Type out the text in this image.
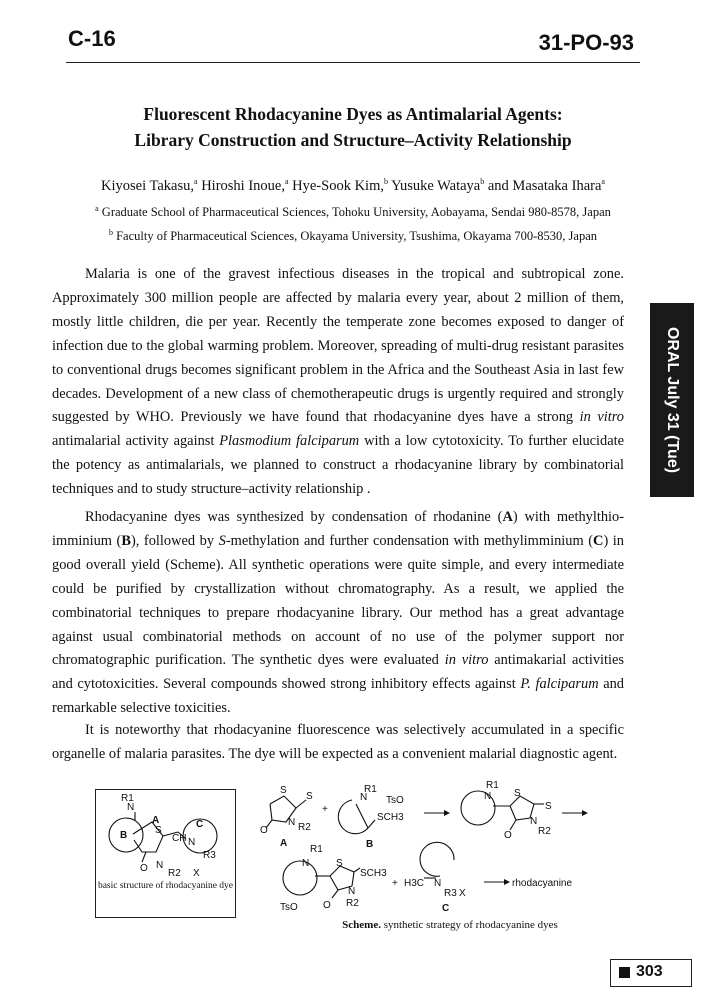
C-16	31-PO-93
Fluorescent Rhodacyanine Dyes as Antimalarial Agents:
Library Construction and Structure–Activity Relationship
Kiyosei Takasu,$^a$ Hiroshi Inoue,$^a$ Hye-Sook Kim,$^b$ Yusuke Wataya$^b$ and Masataka Ihara$^a$
$^a$ Graduate School of Pharmaceutical Sciences, Tohoku University, Aobayama, Sendai 980-8578, Japan
$^b$ Faculty of Pharmaceutical Sciences, Okayama University, Tsushima, Okayama 700-8530, Japan

Malaria is one of the gravest infectious diseases in the tropical and subtropical zone. Approximately 300 million people are affected by malaria every year, about 2 million of them, mostly little children, die per year. Recently the temperate zone becomes exposed to danger of infection due to the global warming problem. Moreover, spreading of multi-drug resistant parasites to conventional drugs becomes significant problem in the Africa and the Southeast Asia in last few decades. Development of a new class of chemotherapeutic drugs is urgently required and strongly suggested by WHO. Previously we have found that rhodacyanine dyes have a strong in vitro antimalarial activity against Plasmodium falciparum with a low cytotoxicity. To further elucidate the potency as antimalarials, we planned to construct a rhodacyanine library by combinatorial techniques and to study structure–activity relationship .

Rhodacyanine dyes was synthesized by condensation of rhodanine (A) with methylthio-imminium (B), followed by S-methylation and further condensation with methylimminium (C) in good overall yield (Scheme). All synthetic operations were quite simple, and every intermediate could be purified by crystallization without chromatography. As a result, we applied the combinatorial techniques to prepare rhodacyanine library. Our method has a great advantage against usual combinatorial methods on account of no use of the polymer support nor chromatographic purification. The synthetic dyes were evaluated in vitro antimakarial activities and cytotoxicities. Several compounds showed strong inhibitory effects against P. falciparum and remarkable selective toxicities.

It is noteworthy that rhodacyanine fluorescence was selectively accumulated in a specific organelle of malaria parasites. The dye will be expected as a convenient malarial diagnostic agent.

ORAL July 31 (Tue)
N
R1
A
B
C
S
CH N
R3
O N
R2 X
S
S
N R2
O
A
+
N
R1
TsO
SCH3
B
R1
N S
S
N
R2
O
R1
N	S
SCH3
N
R2
O
TsO
+ H3C N
R3 X
C
rhodacyanine
basic structure of rhodacyanine dye
Scheme. synthetic strategy of rhodacyanine dyes
303
